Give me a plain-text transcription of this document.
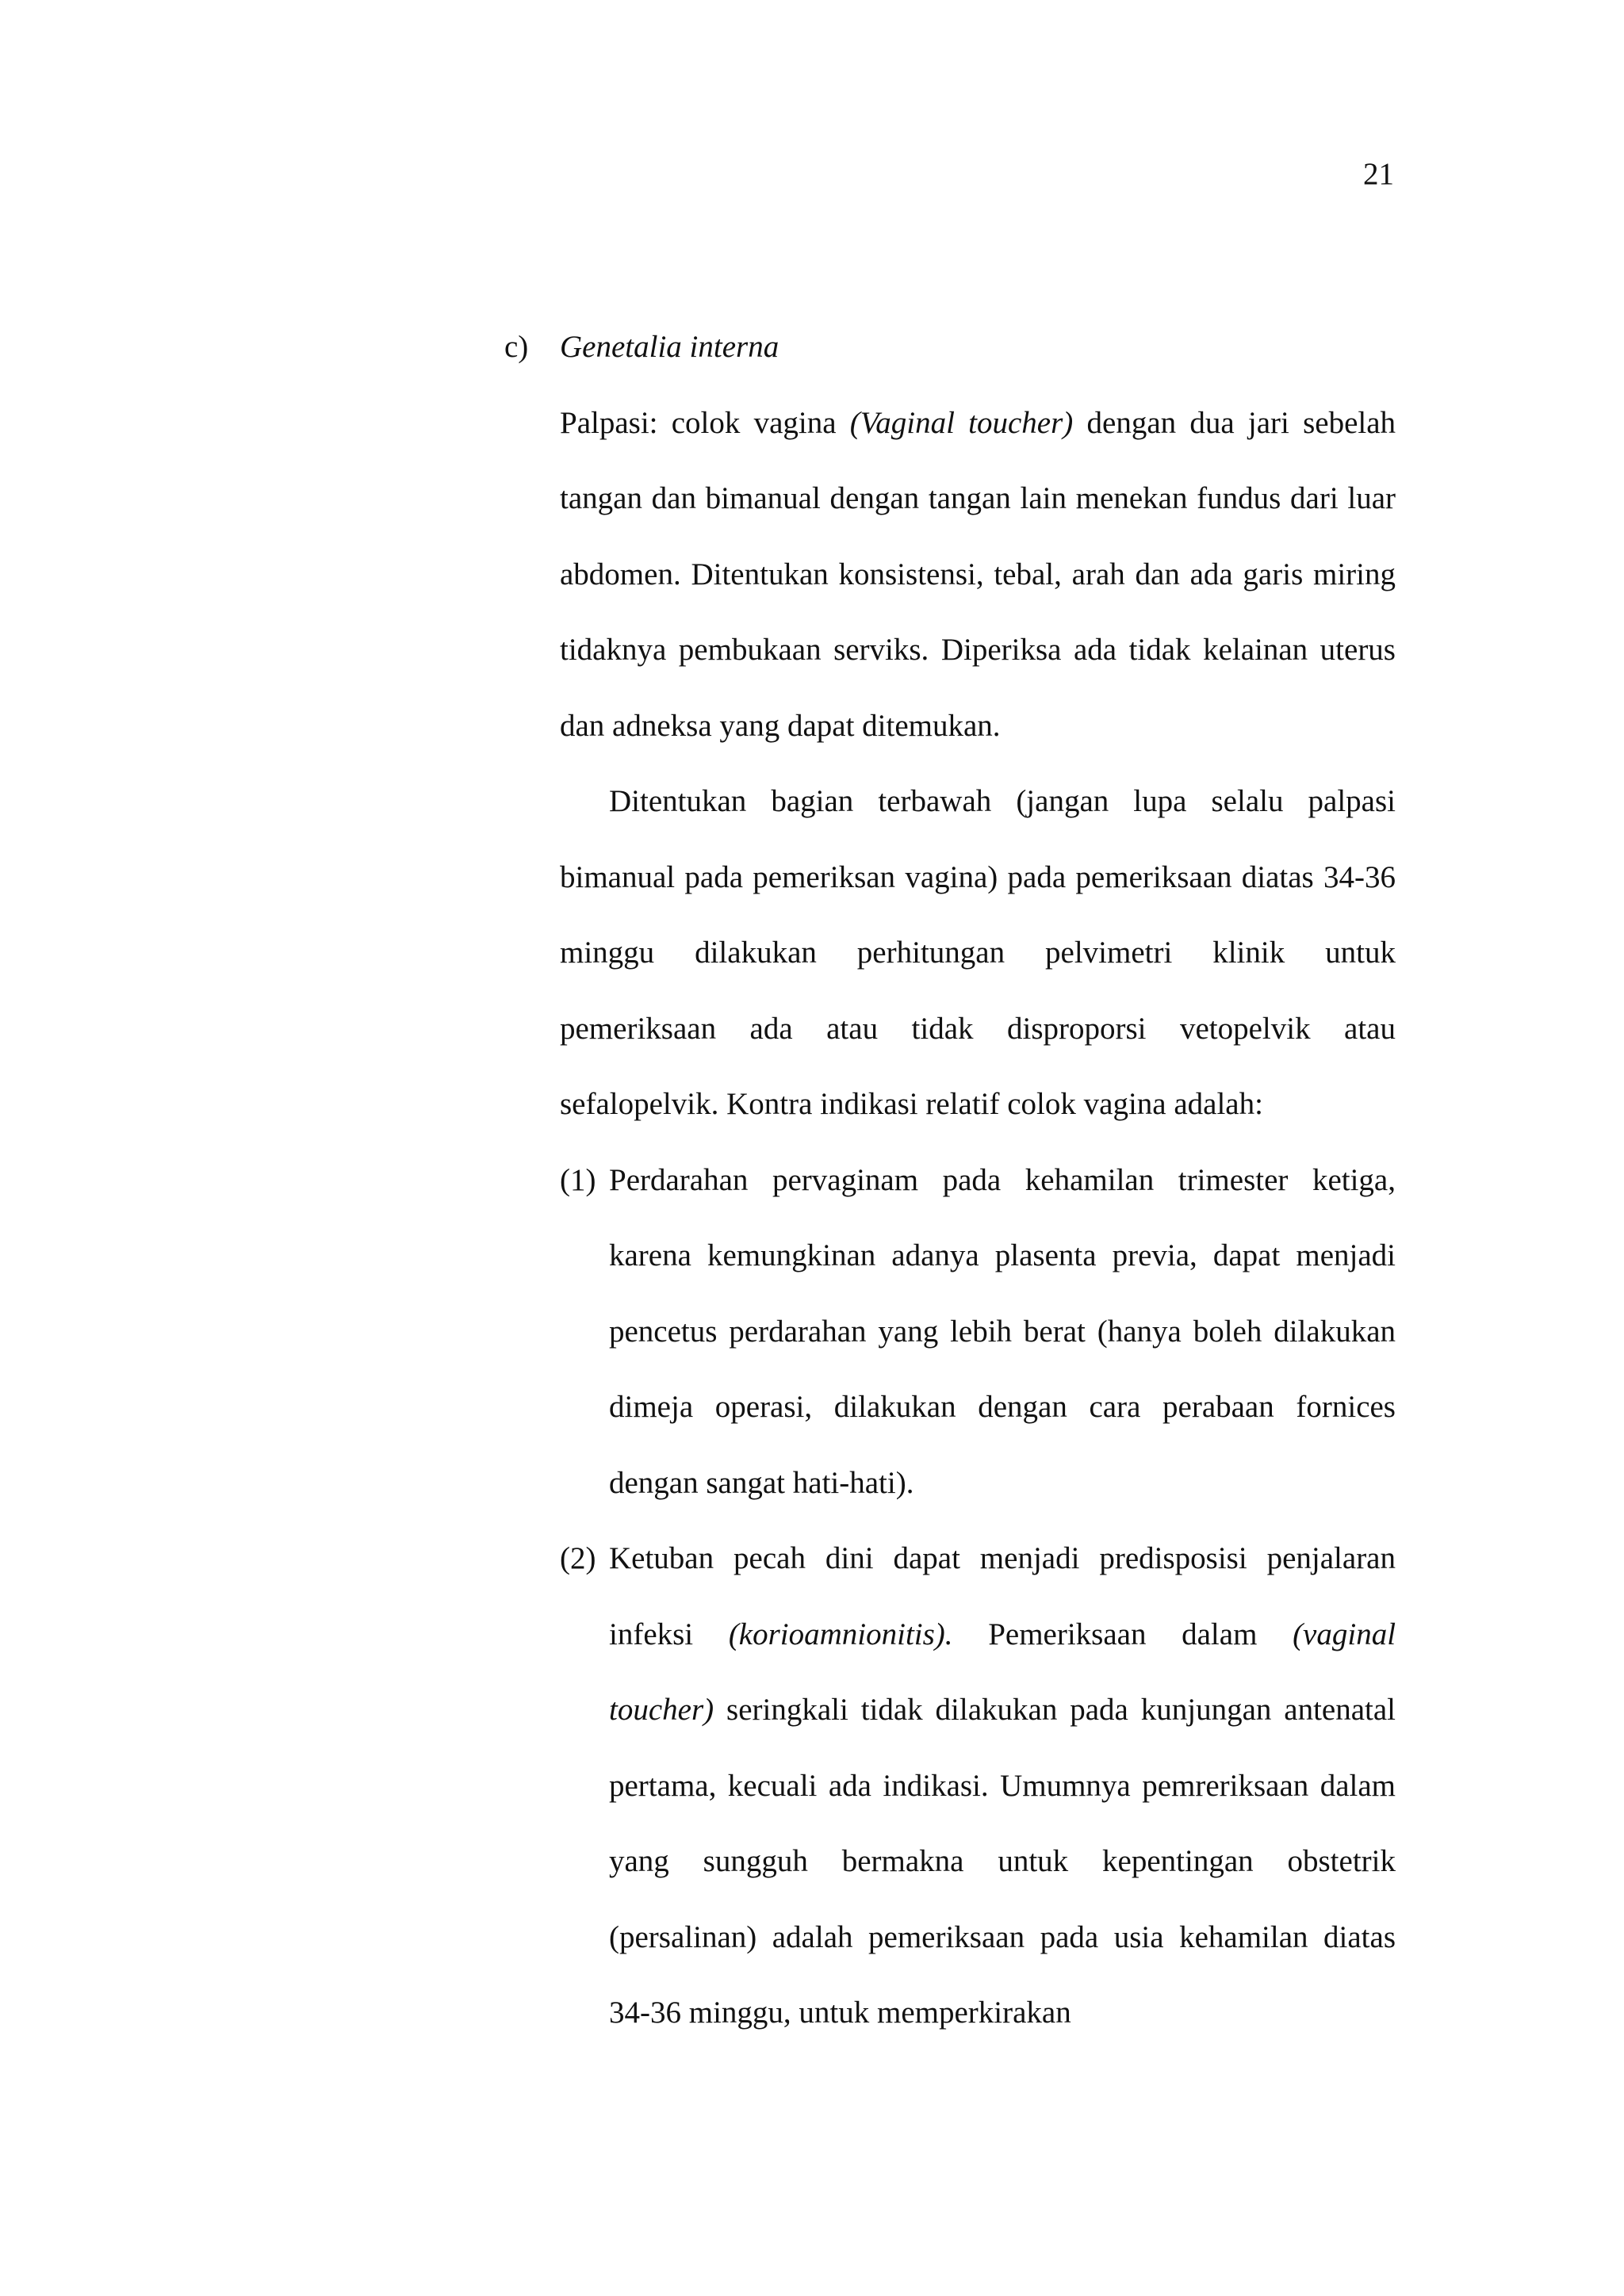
21
c)	Genetalia interna

Palpasi: colok vagina (Vaginal toucher) dengan dua jari sebelah tangan dan bimanual dengan tangan lain menekan fundus dari luar abdomen. Ditentukan konsistensi, tebal, arah dan ada garis miring tidaknya pembukaan serviks. Diperiksa ada tidak kelainan uterus dan adneksa yang dapat ditemukan.

Ditentukan bagian terbawah (jangan lupa selalu palpasi bimanual pada pemeriksan vagina) pada pemeriksaan diatas 34-36 minggu dilakukan perhitungan pelvimetri klinik untuk pemeriksaan ada atau tidak disproporsi vetopelvik atau sefalopelvik. Kontra indikasi relatif colok vagina adalah:

(1) Perdarahan pervaginam pada kehamilan trimester ketiga, karena kemungkinan adanya plasenta previa, dapat menjadi pencetus perdarahan yang lebih berat (hanya boleh dilakukan dimeja operasi, dilakukan dengan cara perabaan fornices dengan sangat hati-hati).
(2) Ketuban pecah dini dapat menjadi predisposisi penjalaran infeksi (korioamnionitis). Pemeriksaan dalam (vaginal toucher) seringkali tidak dilakukan pada kunjungan antenatal pertama, kecuali ada indikasi. Umumnya pemreriksaan dalam yang sungguh bermakna untuk kepentingan obstetrik (persalinan) adalah pemeriksaan pada usia kehamilan diatas 34-36 minggu, untuk memperkirakan
